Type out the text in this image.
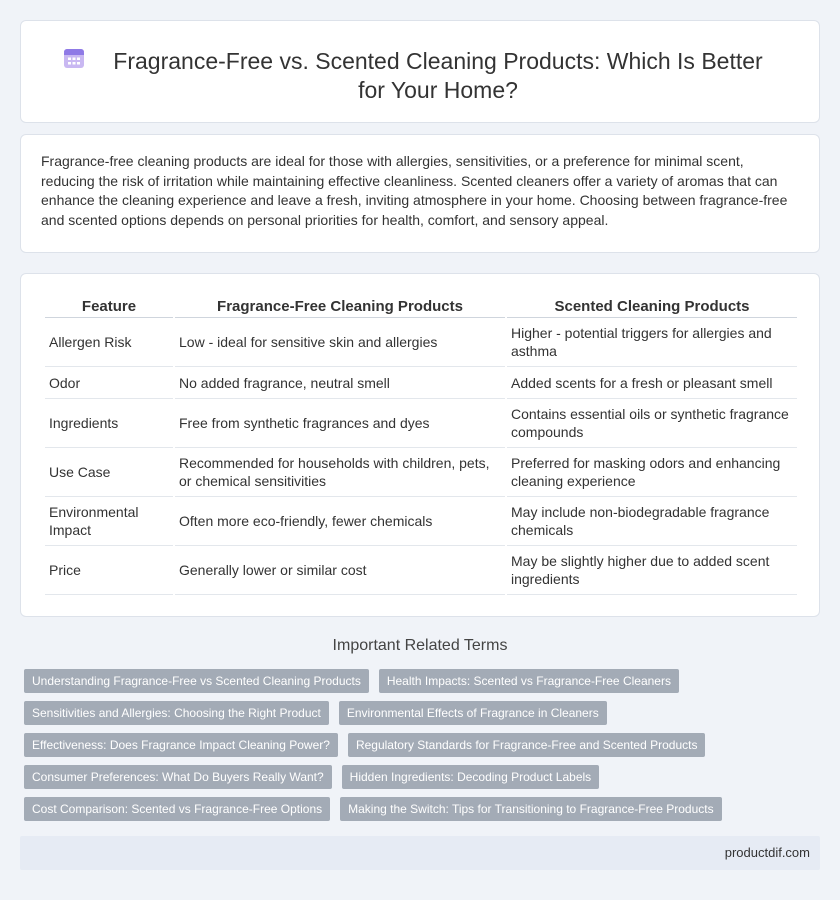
Fragrance-Free vs. Scented Cleaning Products: Which Is Better for Your Home?

Fragrance-free cleaning products are ideal for those with allergies, sensitivities, or a preference for minimal scent, reducing the risk of irritation while maintaining effective cleanliness. Scented cleaners offer a variety of aromas that can enhance the cleaning experience and leave a fresh, inviting atmosphere in your home. Choosing between fragrance-free and scented options depends on personal priorities for health, comfort, and sensory appeal.

Feature	Fragrance-Free Cleaning Products	Scented Cleaning Products
Allergen Risk	Low - ideal for sensitive skin and allergies	Higher - potential triggers for allergies and asthma
Odor	No added fragrance, neutral smell	Added scents for a fresh or pleasant smell
Ingredients	Free from synthetic fragrances and dyes	Contains essential oils or synthetic fragrance compounds
Use Case	Recommended for households with children, pets, or chemical sensitivities	Preferred for masking odors and enhancing cleaning experience
Environmental Impact	Often more eco-friendly, fewer chemicals	May include non-biodegradable fragrance chemicals
Price	Generally lower or similar cost	May be slightly higher due to added scent ingredients
Important Related Terms
Understanding Fragrance-Free vs Scented Cleaning Products	Health Impacts: Scented vs Fragrance-Free Cleaners
Sensitivities and Allergies: Choosing the Right Product	Environmental Effects of Fragrance in Cleaners
Effectiveness: Does Fragrance Impact Cleaning Power?	Regulatory Standards for Fragrance-Free and Scented Products
Consumer Preferences: What Do Buyers Really Want?	Hidden Ingredients: Decoding Product Labels
Cost Comparison: Scented vs Fragrance-Free Options	Making the Switch: Tips for Transitioning to Fragrance-Free Products
productdif.com
